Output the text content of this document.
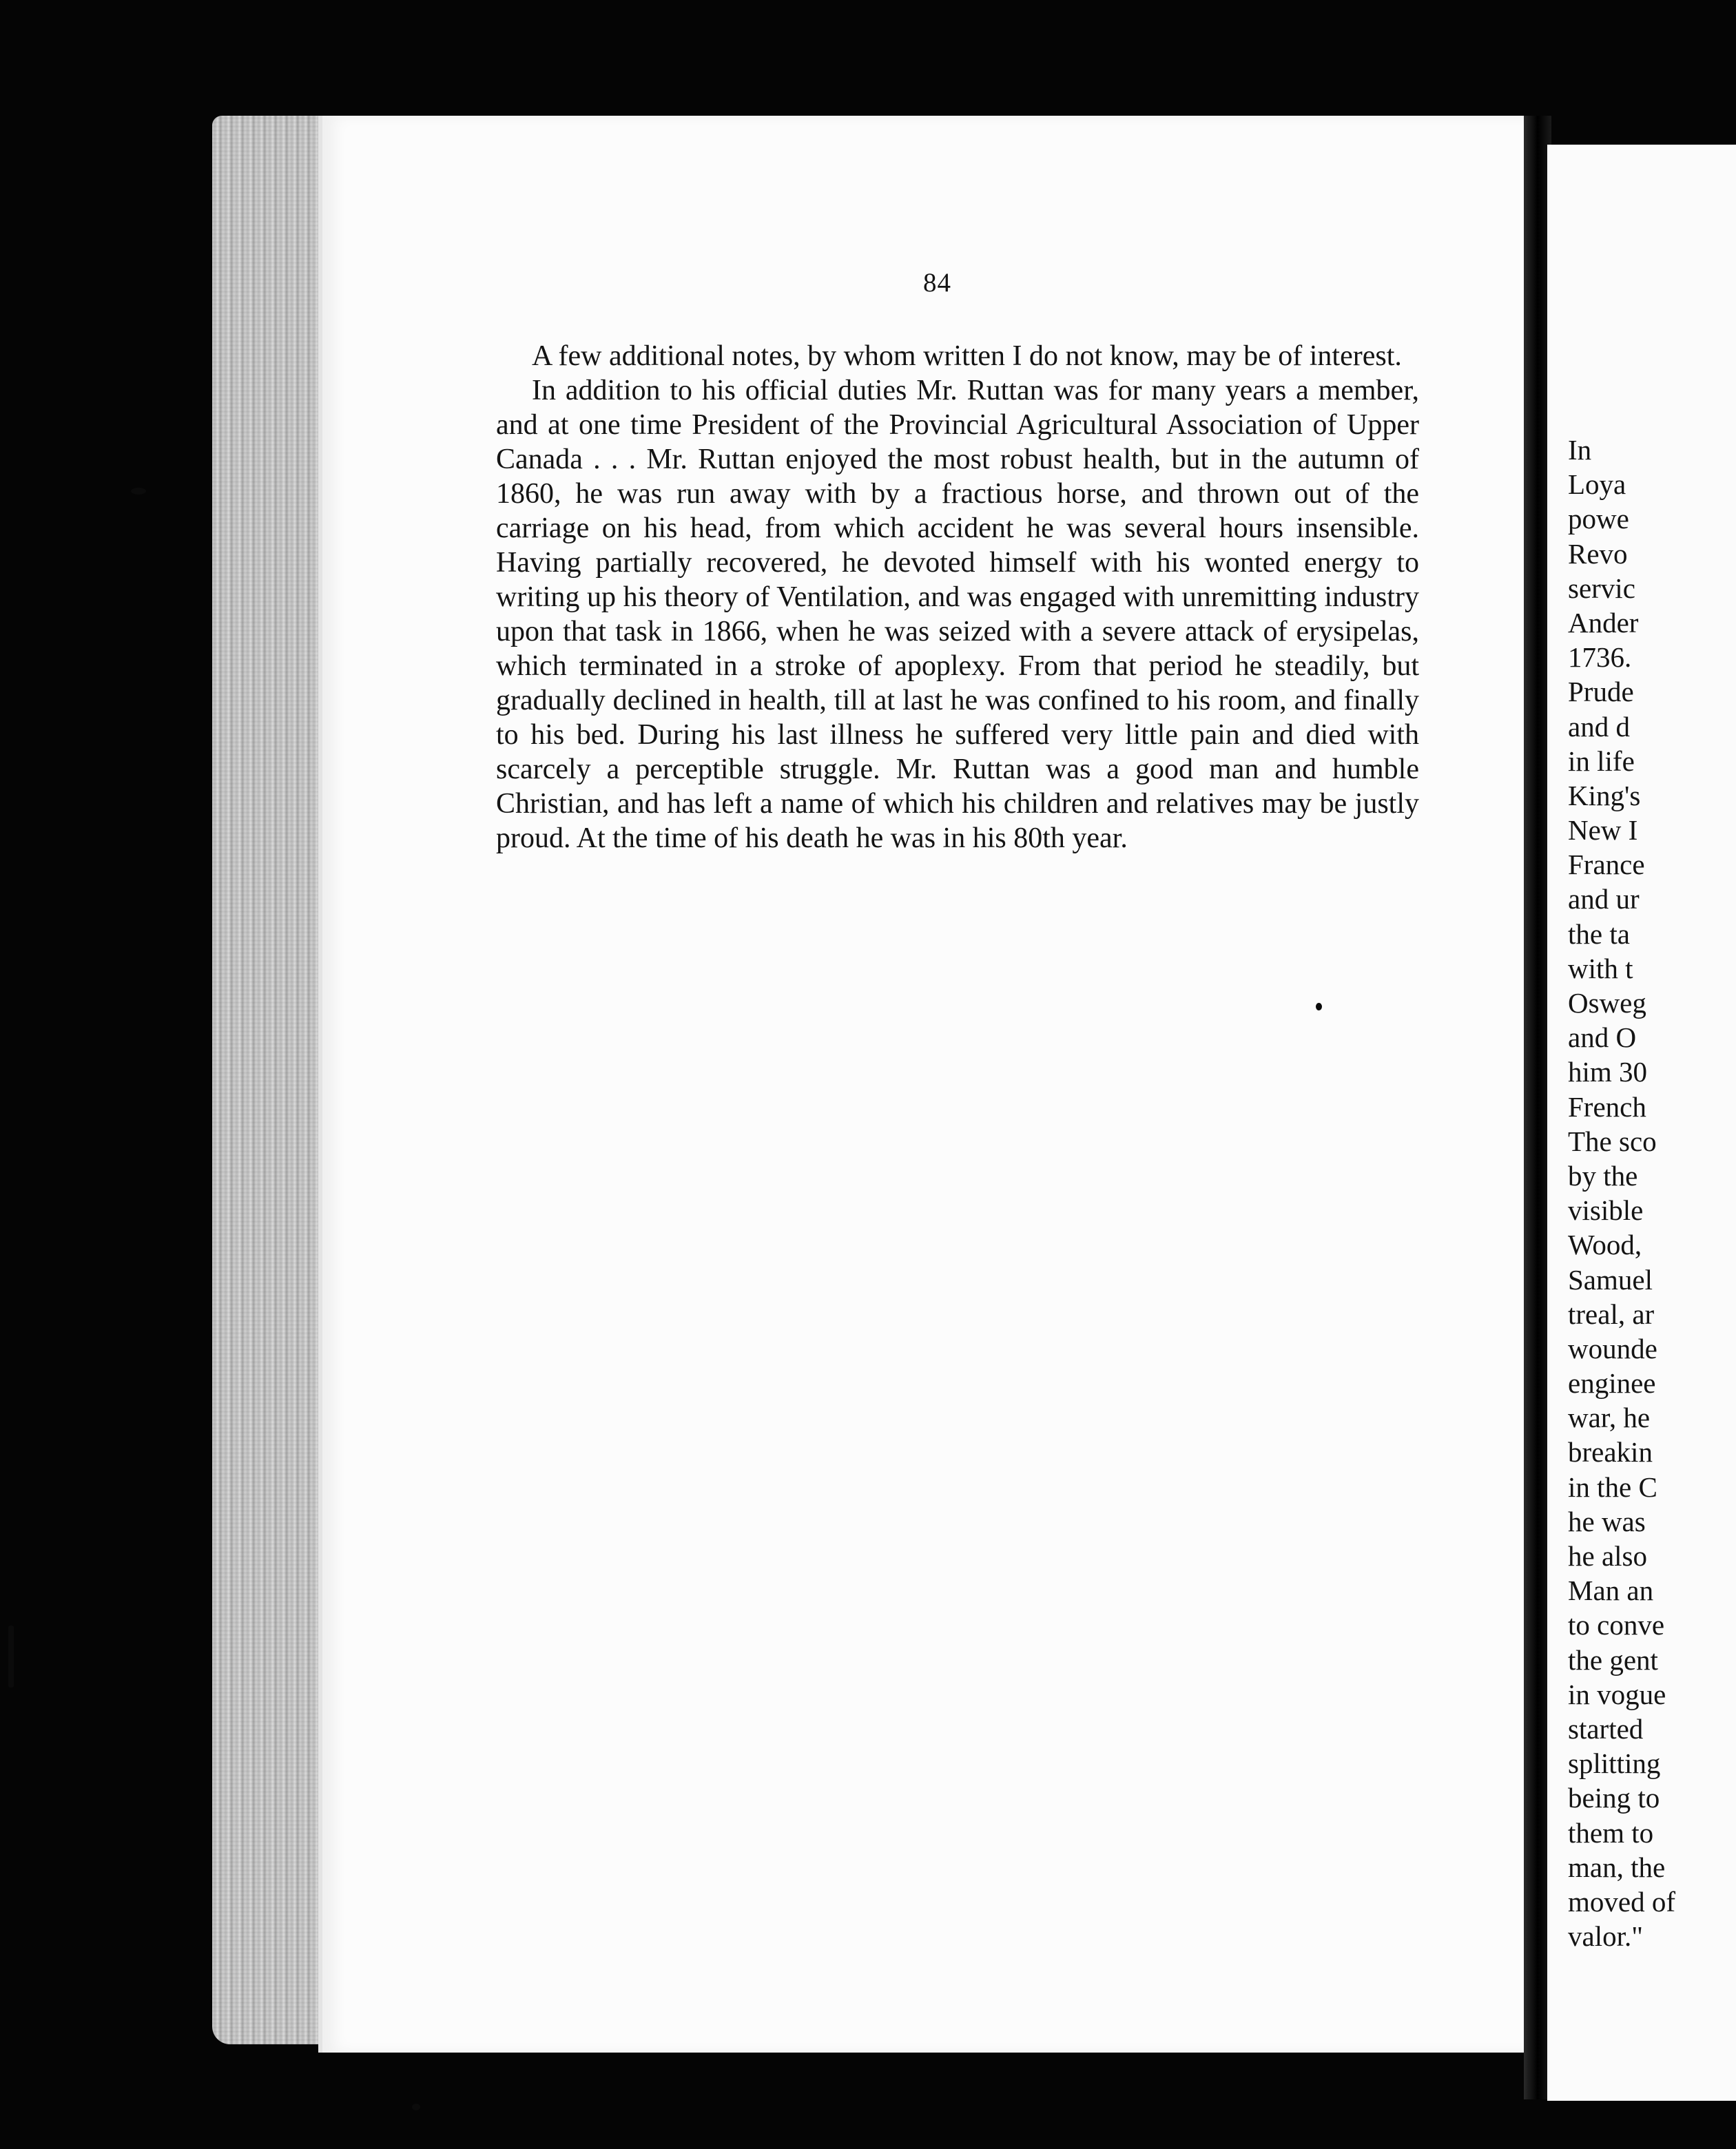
84

A few additional notes, by whom written I do not know, may be of interest.

In addition to his official duties Mr. Ruttan was for many years a member, and at one time President of the Provincial Agricultural Association of Upper Canada . . . Mr. Ruttan enjoyed the most robust health, but in the autumn of 1860, he was run away with by a fractious horse, and thrown out of the carriage on his head, from which accident he was several hours insensible. Having partially recovered, he devoted himself with his wonted energy to writing up his theory of Ventilation, and was engaged with unremitting industry upon that task in 1866, when he was seized with a severe attack of erysipelas, which terminated in a stroke of apoplexy. From that period he steadily, but gradually declined in health, till at last he was confined to his room, and finally to his bed. During his last illness he suffered very little pain and died with scarcely a perceptible struggle. Mr. Ruttan was a good man and humble Christian, and has left a name of which his children and relatives may be justly proud. At the time of his death he was in his 80th year.

In
Loya
powe
Revo
servic
Ander
1736.
Prude
and d
in life
King's
New I
France
and ur
the ta
with t
Osweg
and O
him 30
French
The sco
by the
visible
Wood,
Samuel
treal, ar
wounde
enginee
war, he
breakin
in the C
he was
he also
Man an
to conve
the gent
in vogue
started
splitting
being to
them to
man, the
moved of
valor."
